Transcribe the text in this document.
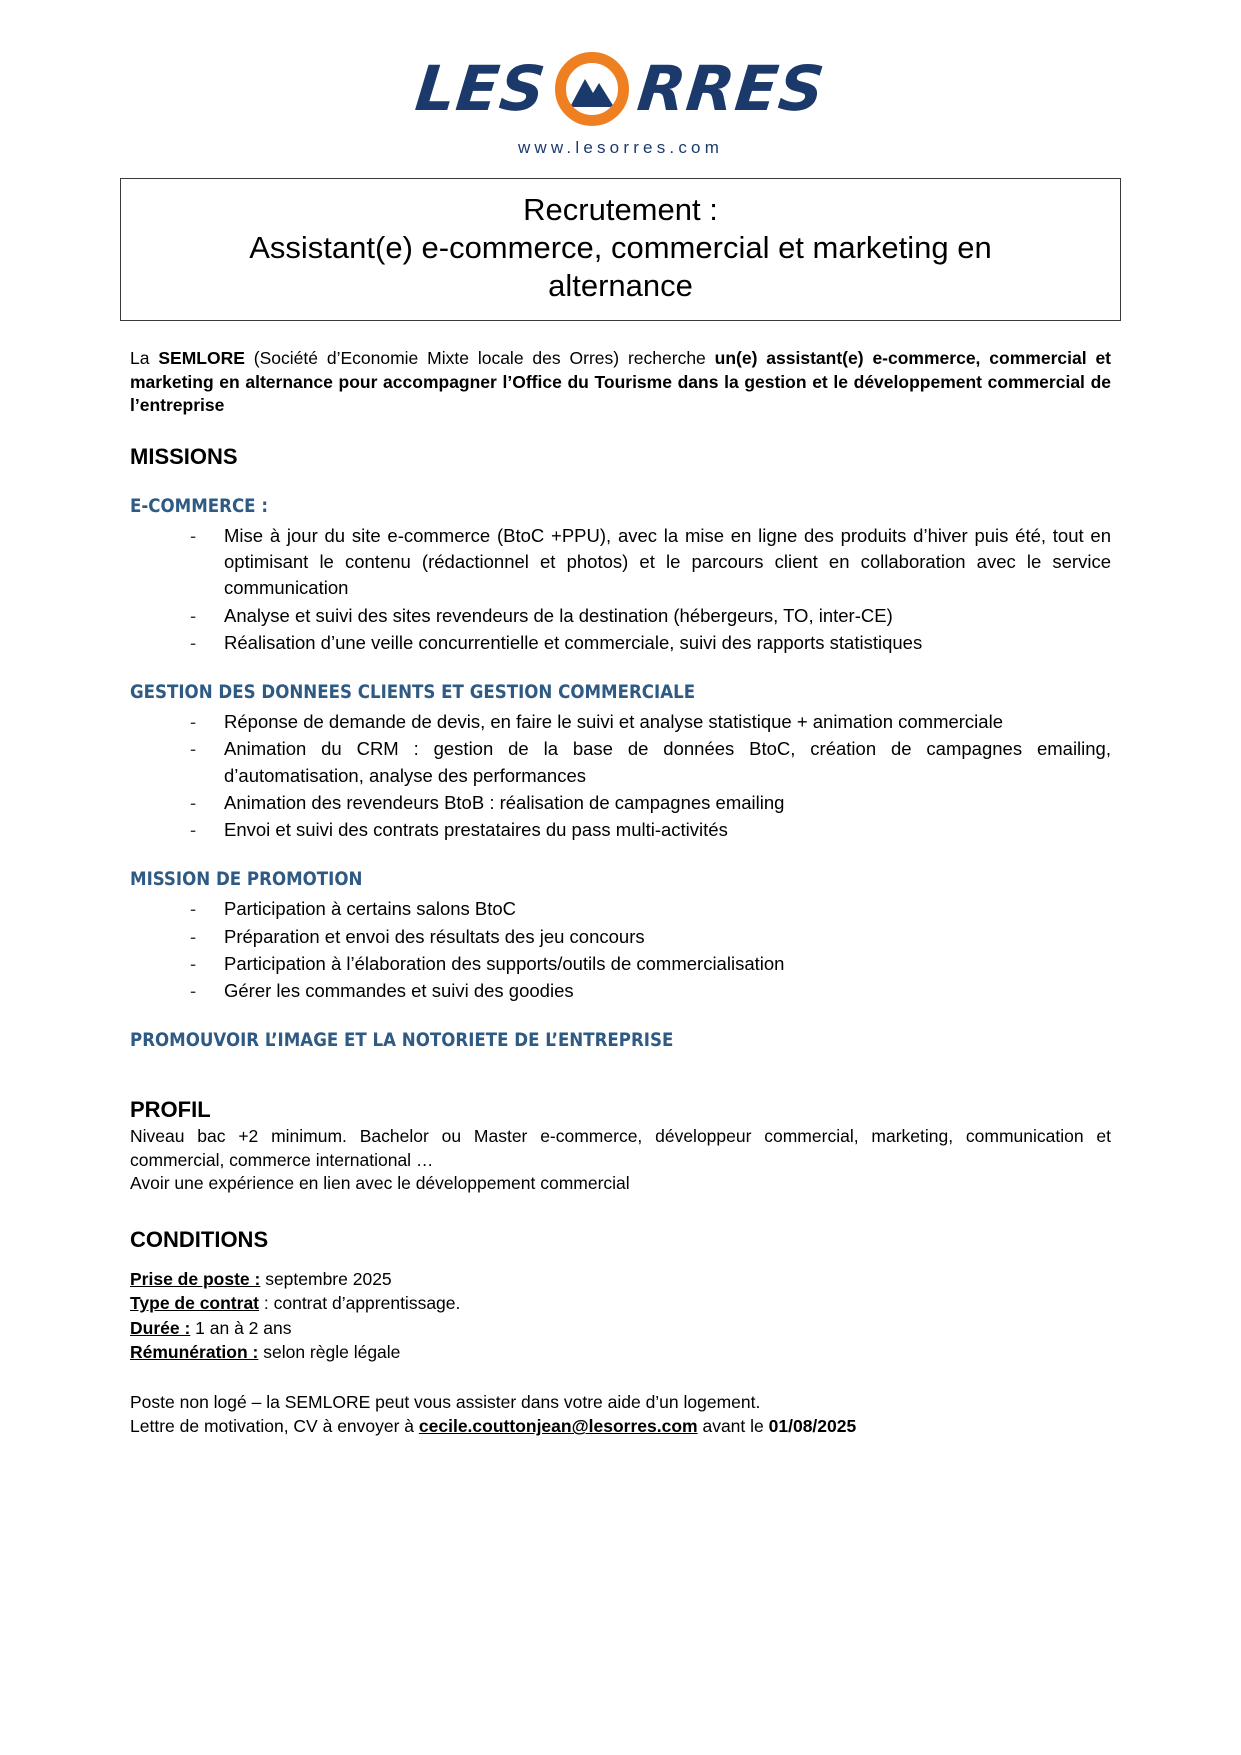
LES RRES
www.lesorres.com
Recrutement :
Assistant(e) e-commerce, commercial et marketing en
alternance

La SEMLORE (Société d’Economie Mixte locale des Orres) recherche un(e) assistant(e) e-commerce, commercial et marketing en alternance pour accompagner l’Office du Tourisme dans la gestion et le développement commercial de l’entreprise

MISSIONS
E-COMMERCE :
- Mise à jour du site e-commerce (BtoC +PPU), avec la mise en ligne des produits d’hiver puis été, tout en optimisant le contenu (rédactionnel et photos) et le parcours client en collaboration avec le service communication
- Analyse et suivi des sites revendeurs de la destination (hébergeurs, TO, inter-CE)
- Réalisation d’une veille concurrentielle et commerciale, suivi des rapports statistiques
GESTION DES DONNEES CLIENTS ET GESTION COMMERCIALE
- Réponse de demande de devis, en faire le suivi et analyse statistique + animation commerciale
- Animation du CRM : gestion de la base de données BtoC, création de campagnes emailing, d’automatisation, analyse des performances
- Animation des revendeurs BtoB : réalisation de campagnes emailing
- Envoi et suivi des contrats prestataires du pass multi-activités
MISSION DE PROMOTION
- Participation à certains salons BtoC
- Préparation et envoi des résultats des jeu concours
- Participation à l’élaboration des supports/outils de commercialisation
- Gérer les commandes et suivi des goodies
PROMOUVOIR L’IMAGE ET LA NOTORIETE DE L’ENTREPRISE
PROFIL
Niveau bac +2 minimum. Bachelor ou Master e-commerce, développeur commercial, marketing, communication et commercial, commerce international …
Avoir une expérience en lien avec le développement commercial
CONDITIONS
Prise de poste : septembre 2025
Type de contrat : contrat d’apprentissage.
Durée : 1 an à 2 ans
Rémunération : selon règle légale
Poste non logé – la SEMLORE peut vous assister dans votre aide d’un logement.
Lettre de motivation, CV à envoyer à cecile.couttonjean@lesorres.com avant le 01/08/2025
